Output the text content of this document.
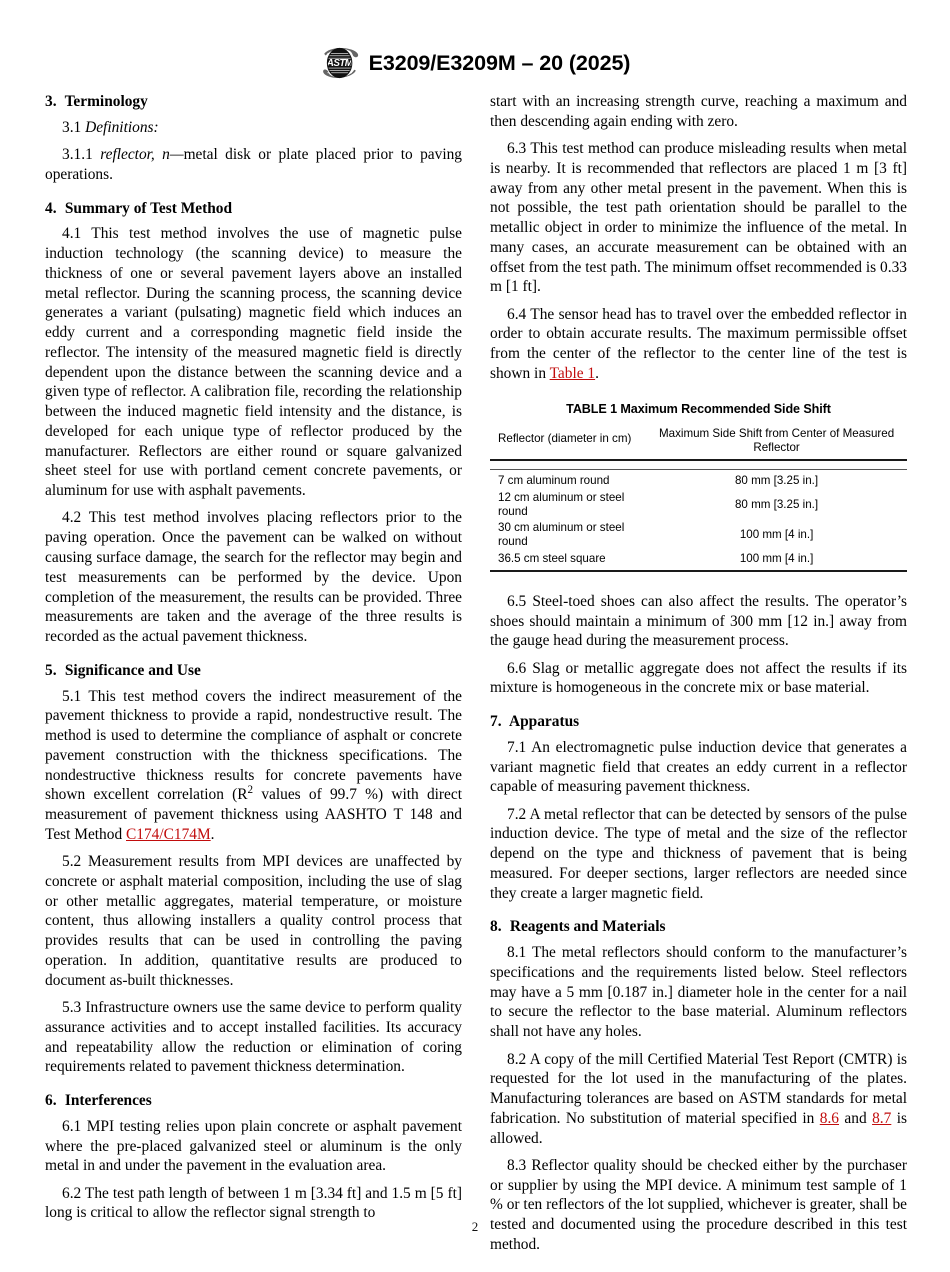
ASTM E3209/E3209M – 20 (2025)
3. Terminology

3.1 Definitions:

3.1.1 reflector, n—metal disk or plate placed prior to paving operations.

4. Summary of Test Method

4.1 This test method involves the use of magnetic pulse induction technology (the scanning device) to measure the thickness of one or several pavement layers above an installed metal reflector. During the scanning process, the scanning device generates a variant (pulsating) magnetic field which induces an eddy current and a corresponding magnetic field inside the reflector. The intensity of the measured magnetic field is directly dependent upon the distance between the scanning device and a given type of reflector. A calibration file, recording the relationship between the induced magnetic field intensity and the distance, is developed for each unique type of reflector produced by the manufacturer. Reflectors are either round or square galvanized sheet steel for use with portland cement concrete pavements, or aluminum for use with asphalt pavements.

4.2 This test method involves placing reflectors prior to the paving operation. Once the pavement can be walked on without causing surface damage, the search for the reflector may begin and test measurements can be performed by the device. Upon completion of the measurement, the results can be provided. Three measurements are taken and the average of the three results is recorded as the actual pavement thickness.

5. Significance and Use

5.1 This test method covers the indirect measurement of the pavement thickness to provide a rapid, nondestructive result. The method is used to determine the compliance of asphalt or concrete pavement construction with the thickness specifications. The nondestructive thickness results for concrete pavements have shown excellent correlation ($R^2$ values of 99.7 %) with direct measurement of pavement thickness using AASHTO T 148 and Test Method C174/C174M.

5.2 Measurement results from MPI devices are unaffected by concrete or asphalt material composition, including the use of slag or other metallic aggregates, material temperature, or moisture content, thus allowing installers a quality control process that provides results that can be used in controlling the paving operation. In addition, quantitative results are produced to document as-built thicknesses.

5.3 Infrastructure owners use the same device to perform quality assurance activities and to accept installed facilities. Its accuracy and repeatability allow the reduction or elimination of coring requirements related to pavement thickness determination.

6. Interferences

6.1 MPI testing relies upon plain concrete or asphalt pavement where the pre-placed galvanized steel or aluminum is the only metal in and under the pavement in the evaluation area.

6.2 The test path length of between 1 m [3.34 ft] and 1.5 m [5 ft] long is critical to allow the reflector signal strength to

start with an increasing strength curve, reaching a maximum and then descending again ending with zero.

6.3 This test method can produce misleading results when metal is nearby. It is recommended that reflectors are placed 1 m [3 ft] away from any other metal present in the pavement. When this is not possible, the test path orientation should be parallel to the metallic object in order to minimize the influence of the metal. In many cases, an accurate measurement can be obtained with an offset from the test path. The minimum offset recommended is 0.33 m [1 ft].

6.4 The sensor head has to travel over the embedded reflector in order to obtain accurate results. The maximum permissible offset from the center of the reflector to the center line of the test is shown in Table 1.

TABLE 1 Maximum Recommended Side Shift

Reflector (diameter in cm)	Maximum Side Shift from Center of Measured Reflector
7 cm aluminum round	80 mm [3.25 in.]
12 cm aluminum or steel round	80 mm [3.25 in.]
30 cm aluminum or steel round	100 mm [4 in.]
36.5 cm steel square	100 mm [4 in.]

6.5 Steel-toed shoes can also affect the results. The operator’s shoes should maintain a minimum of 300 mm [12 in.] away from the gauge head during the measurement process.

6.6 Slag or metallic aggregate does not affect the results if its mixture is homogeneous in the concrete mix or base material.

7. Apparatus

7.1 An electromagnetic pulse induction device that generates a variant magnetic field that creates an eddy current in a reflector capable of measuring pavement thickness.

7.2 A metal reflector that can be detected by sensors of the pulse induction device. The type of metal and the size of the reflector depend on the type and thickness of pavement that is being measured. For deeper sections, larger reflectors are needed since they create a larger magnetic field.

8. Reagents and Materials

8.1 The metal reflectors should conform to the manufacturer’s specifications and the requirements listed below. Steel reflectors may have a 5 mm [0.187 in.] diameter hole in the center for a nail to secure the reflector to the base material. Aluminum reflectors shall not have any holes.

8.2 A copy of the mill Certified Material Test Report (CMTR) is requested for the lot used in the manufacturing of the plates. Manufacturing tolerances are based on ASTM standards for metal fabrication. No substitution of material specified in 8.6 and 8.7 is allowed.

8.3 Reflector quality should be checked either by the purchaser or supplier by using the MPI device. A minimum test sample of 1 % or ten reflectors of the lot supplied, whichever is greater, shall be tested and documented using the procedure described in this test method.

2
